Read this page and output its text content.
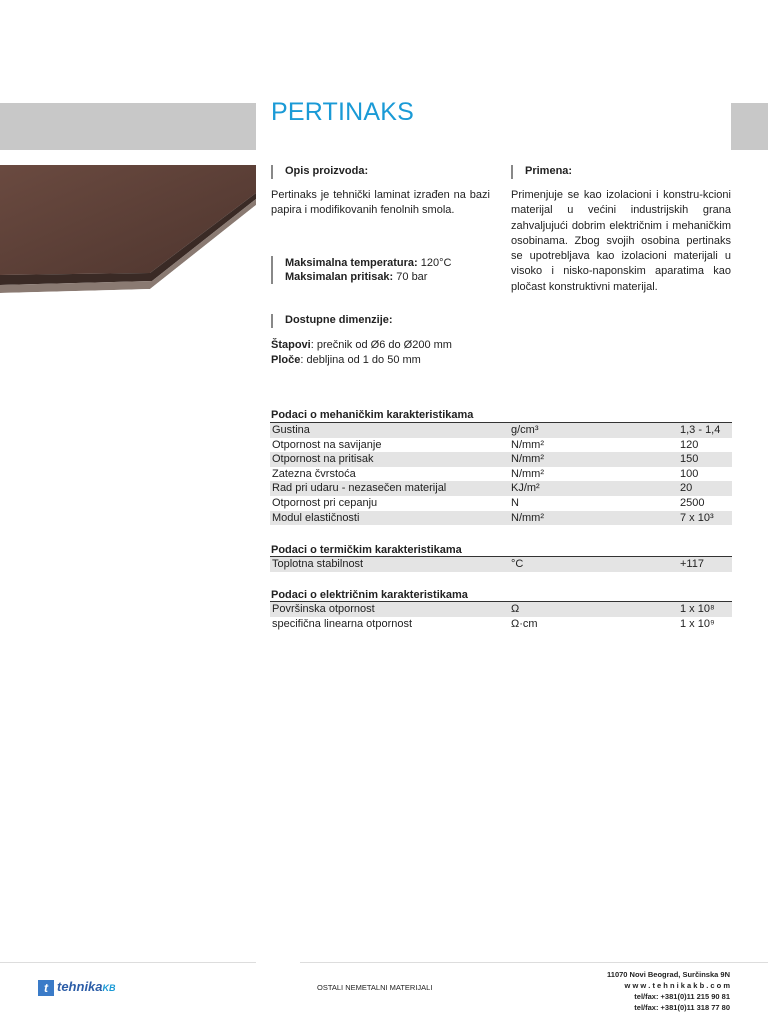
PERTINAKS
Opis proizvoda:
Pertinaks je tehnički laminat izrađen na bazi papira i modifikovanih fenolnih smola.
Maksimalna temperatura: 120°C
Maksimalan pritisak: 70 bar
Dostupne dimenzije:
Štapovi: prečnik od Ø6 do Ø200 mm
Ploče: debljina od 1 do 50 mm
Primena:
Primenjuje se kao izolacioni i konstru-kcioni materijal u većini industrijskih grana zahvaljujući dobrim električnim i mehaničkim osobinama. Zbog svojih osobina pertinaks se upotrebljava kao izolacioni materijali u visoko i nisko-naponskim aparatima kao pločast konstruktivni materijal.
Podaci o mehaničkim karakteristikama
Gustina	g/cm³	1,3 - 1,4
Otpornost na savijanje	N/mm²	120
Otpornost na pritisak	N/mm²	150
Zatezna čvrstoća	N/mm²	100
Rad pri udaru - nezasečen materijal	KJ/m²	20
Otpornost pri cepanju	N	2500
Modul elastičnosti	N/mm²	7 x 10³
Podaci o termičkim karakteristikama
Toplotna stabilnost	°C	+117
Podaci o električnim karakteristikama
Površinska otpornost	Ω	1 x 10⁸
specifična linearna otpornost	Ω·cm	1 x 10⁹
t tehnikaKB	OSTALI NEMETALNI MATERIJALI
11070 Novi Beograd, Surčinska 9N
w w w . t e h n i k a k b . c o m
tel/fax: +381(0)11 215 90 81
tel/fax: +381(0)11 318 77 80
